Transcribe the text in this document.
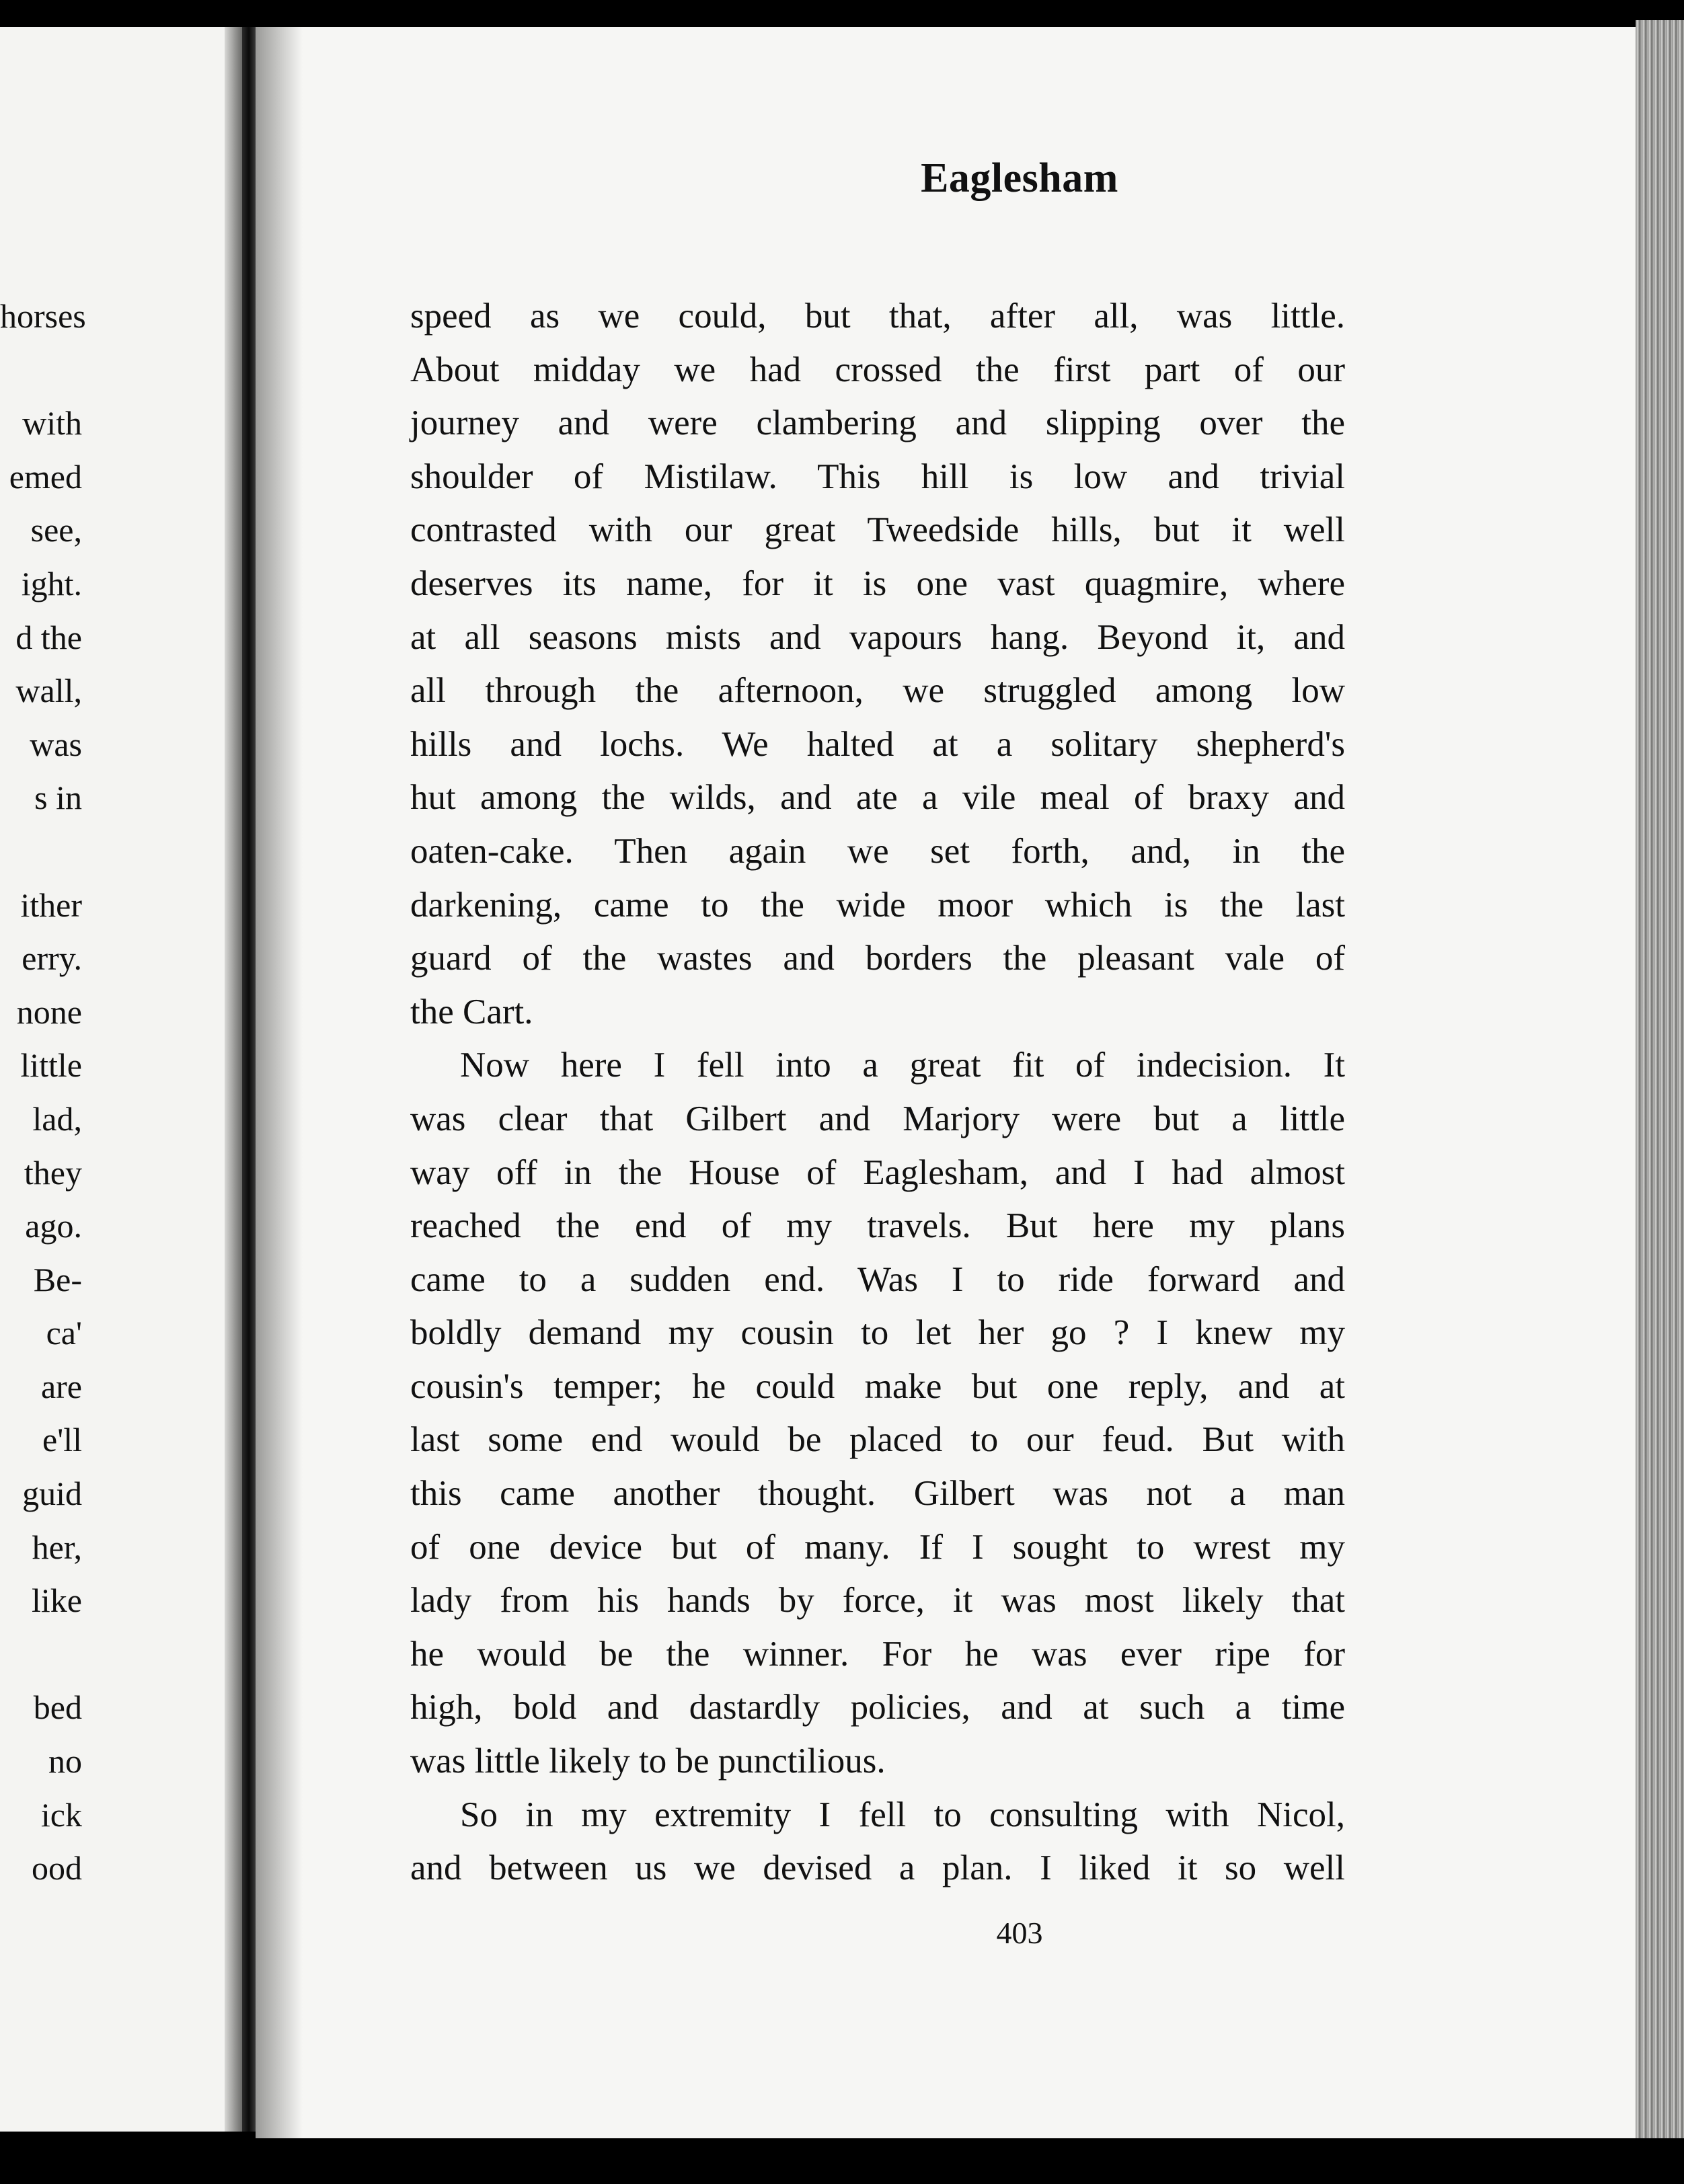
horses
with
emed
see,
ight.
d the
wall,
was
s in
ither
erry.
none
little
lad,
they
ago.
Be-
ca'
are
e'll
guid
her,
like
bed
no
ick
ood
Eaglesham

speed as we could, but that, after all, was little.

About midday we had crossed the first part of our

journey and were clambering and slipping over the

shoulder of Mistilaw. This hill is low and trivial

contrasted with our great Tweedside hills, but it well

deserves its name, for it is one vast quagmire, where

at all seasons mists and vapours hang. Beyond it, and

all through the afternoon, we struggled among low

hills and lochs. We halted at a solitary shepherd's

hut among the wilds, and ate a vile meal of braxy and

oaten-cake. Then again we set forth, and, in the

darkening, came to the wide moor which is the last

guard of the wastes and borders the pleasant vale of

the Cart.

Now here I fell into a great fit of indecision. It

was clear that Gilbert and Marjory were but a little

way off in the House of Eaglesham, and I had almost

reached the end of my travels. But here my plans

came to a sudden end. Was I to ride forward and

boldly demand my cousin to let her go ? I knew my

cousin's temper; he could make but one reply, and at

last some end would be placed to our feud. But with

this came another thought. Gilbert was not a man

of one device but of many. If I sought to wrest my

lady from his hands by force, it was most likely that

he would be the winner. For he was ever ripe for

high, bold and dastardly policies, and at such a time

was little likely to be punctilious.

So in my extremity I fell to consulting with Nicol,

and between us we devised a plan. I liked it so well

403
